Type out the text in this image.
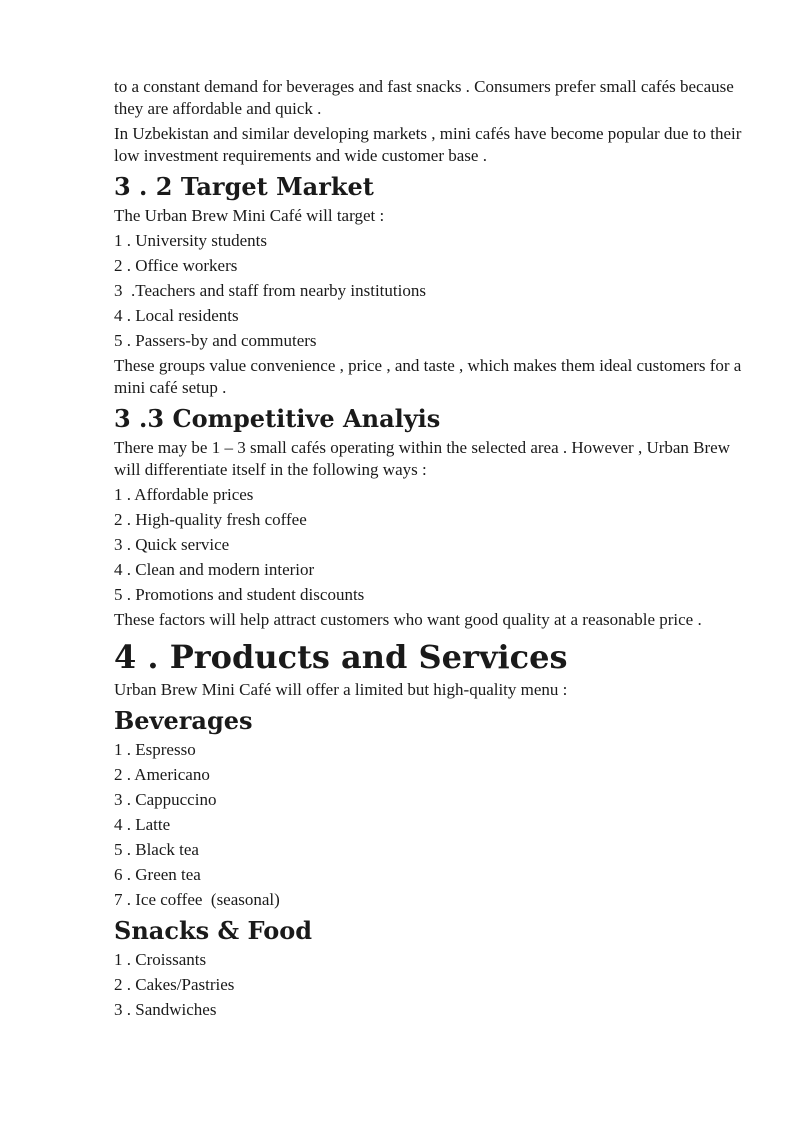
to a constant demand for beverages and fast snacks . Consumers prefer small cafés because they are affordable and quick .

In Uzbekistan and similar developing markets , mini cafés have become popular due to their low investment requirements and wide customer base .

3 . 2 Target Market

The Urban Brew Mini Café will target :

1 . University students
2 . Office workers
3  .Teachers and staff from nearby institutions
4 . Local residents
5 . Passers-by and commuters

These groups value convenience , price , and taste , which makes them ideal customers for a mini café setup .

3 .3 Competitive Analyis

There may be 1 – 3 small cafés operating within the selected area . However , Urban Brew will differentiate itself in the following ways :

1 . Affordable prices
2 . High-quality fresh coffee
3 . Quick service
4 . Clean and modern interior
5 . Promotions and student discounts

These factors will help attract customers who want good quality at a reasonable price .

4 . Products and Services

Urban Brew Mini Café will offer a limited but high-quality menu :

Beverages
1 . Espresso
2 . Americano
3 . Cappuccino
4 . Latte
5 . Black tea
6 . Green tea
7 . Ice coffee  (seasonal)
Snacks & Food
1 . Croissants
2 . Cakes/Pastries
3 . Sandwiches
